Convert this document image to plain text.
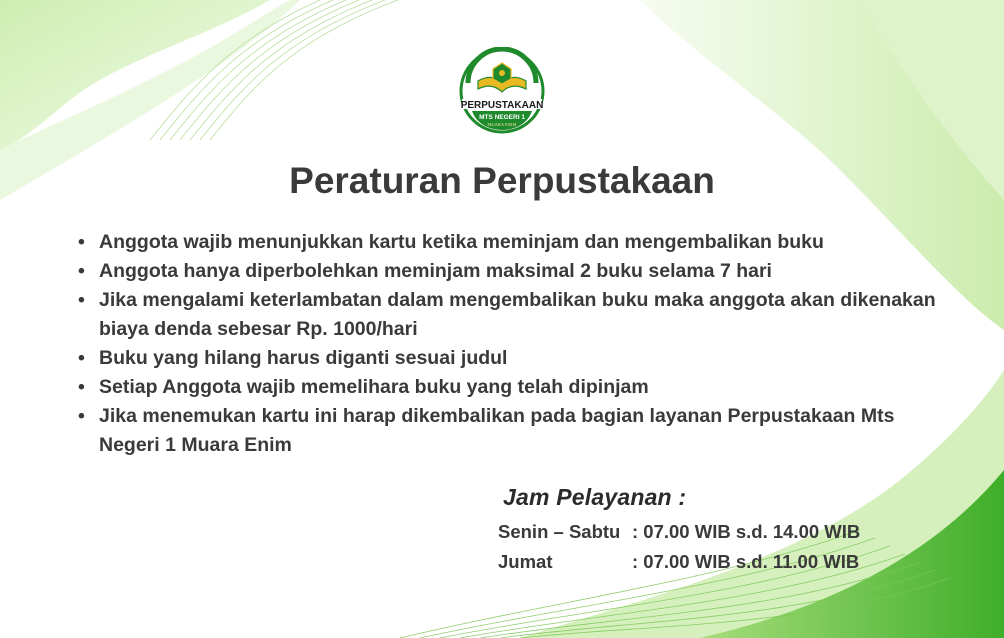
PERPUSTAKAAN
MTS NEGERI 1
MUARA ENIM
Peraturan Perpustakaan
• Anggota wajib menunjukkan kartu ketika meminjam dan mengembalikan buku
• Anggota hanya diperbolehkan meminjam maksimal 2 buku selama 7 hari
• Jika mengalami keterlambatan dalam mengembalikan buku maka anggota akan dikenakan biaya denda sebesar Rp. 1000/hari
• Buku yang hilang harus diganti sesuai judul
• Setiap Anggota wajib memelihara buku yang telah dipinjam
• Jika menemukan kartu ini harap dikembalikan pada bagian layanan Perpustakaan Mts Negeri 1 Muara Enim
Jam Pelayanan :
Senin – Sabtu	: 07.00 WIB s.d. 14.00 WIB
Jumat	: 07.00 WIB s.d. 11.00 WIB
